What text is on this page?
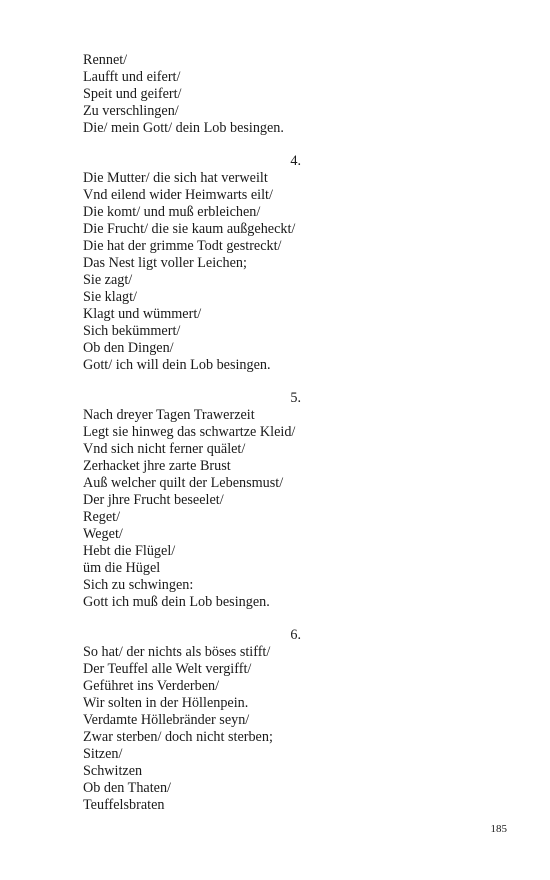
Rennet/
Laufft und eifert/
Speit und geifert/
Zu verschlingen/
Die/ mein Gott/ dein Lob besingen.
4.
Die Mutter/ die sich hat verweilt
Vnd eilend wider Heimwarts eilt/
Die komt/ und muß erbleichen/
Die Frucht/ die sie kaum außgeheckt/
Die hat der grimme Todt gestreckt/
Das Nest ligt voller Leichen;
Sie zagt/
Sie klagt/
Klagt und wümmert/
Sich bekümmert/
Ob den Dingen/
Gott/ ich will dein Lob besingen.
5.
Nach dreyer Tagen Trawerzeit
Legt sie hinweg das schwartze Kleid/
Vnd sich nicht ferner quälet/
Zerhacket jhre zarte Brust
Auß welcher quilt der Lebensmust/
Der jhre Frucht beseelet/
Reget/
Weget/
Hebt die Flügel/
üm die Hügel
Sich zu schwingen:
Gott ich muß dein Lob besingen.
6.
So hat/ der nichts als böses stifft/
Der Teuffel alle Welt vergifft/
Geführet ins Verderben/
Wir solten in der Höllenpein.
Verdamte Höllebränder seyn/
Zwar sterben/ doch nicht sterben;
Sitzen/
Schwitzen
Ob den Thaten/
Teuffelsbraten
185
